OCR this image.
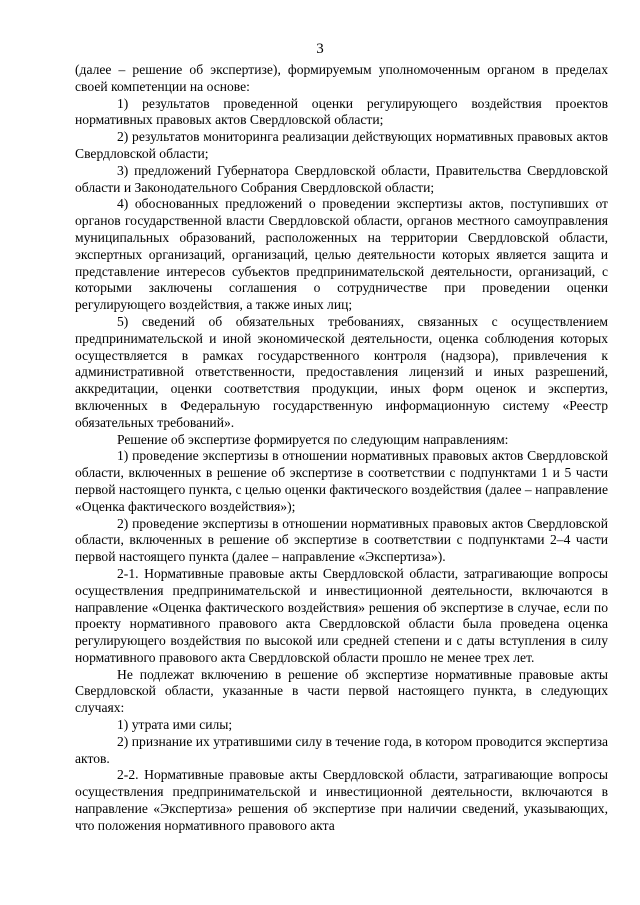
3

(далее – решение об экспертизе), формируемым уполномоченным органом в пределах своей компетенции на основе:

1) результатов проведенной оценки регулирующего воздействия проектов нормативных правовых актов Свердловской области;

2) результатов мониторинга реализации действующих нормативных правовых актов Свердловской области;

3) предложений Губернатора Свердловской области, Правительства Свердловской области и Законодательного Собрания Свердловской области;

4) обоснованных предложений о проведении экспертизы актов, поступивших от органов государственной власти Свердловской области, органов местного самоуправления муниципальных образований, расположенных на территории Свердловской области, экспертных организаций, организаций, целью деятельности которых является защита и представление интересов субъектов предпринимательской деятельности, организаций, с которыми заключены соглашения о сотрудничестве при проведении оценки регулирующего воздействия, а также иных лиц;

5) сведений об обязательных требованиях, связанных с осуществлением предпринимательской и иной экономической деятельности, оценка соблюдения которых осуществляется в рамках государственного контроля (надзора), привлечения к административной ответственности, предоставления лицензий и иных разрешений, аккредитации, оценки соответствия продукции, иных форм оценок и экспертиз, включенных в Федеральную государственную информационную систему «Реестр обязательных требований».

Решение об экспертизе формируется по следующим направлениям:

1) проведение экспертизы в отношении нормативных правовых актов Свердловской области, включенных в решение об экспертизе в соответствии с подпунктами 1 и 5 части первой настоящего пункта, с целью оценки фактического воздействия (далее – направление «Оценка фактического воздействия»);

2) проведение экспертизы в отношении нормативных правовых актов Свердловской области, включенных в решение об экспертизе в соответствии с подпунктами 2–4 части первой настоящего пункта (далее – направление «Экспертиза»).

2-1. Нормативные правовые акты Свердловской области, затрагивающие вопросы осуществления предпринимательской и инвестиционной деятельности, включаются в направление «Оценка фактического воздействия» решения об экспертизе в случае, если по проекту нормативного правового акта Свердловской области была проведена оценка регулирующего воздействия по высокой или средней степени и с даты вступления в силу нормативного правового акта Свердловской области прошло не менее трех лет.

Не подлежат включению в решение об экспертизе нормативные правовые акты Свердловской области, указанные в части первой настоящего пункта, в следующих случаях:

1) утрата ими силы;

2) признание их утратившими силу в течение года, в котором проводится экспертиза актов.

2-2. Нормативные правовые акты Свердловской области, затрагивающие вопросы осуществления предпринимательской и инвестиционной деятельности, включаются в направление «Экспертиза» решения об экспертизе при наличии сведений, указывающих, что положения нормативного правового акта
